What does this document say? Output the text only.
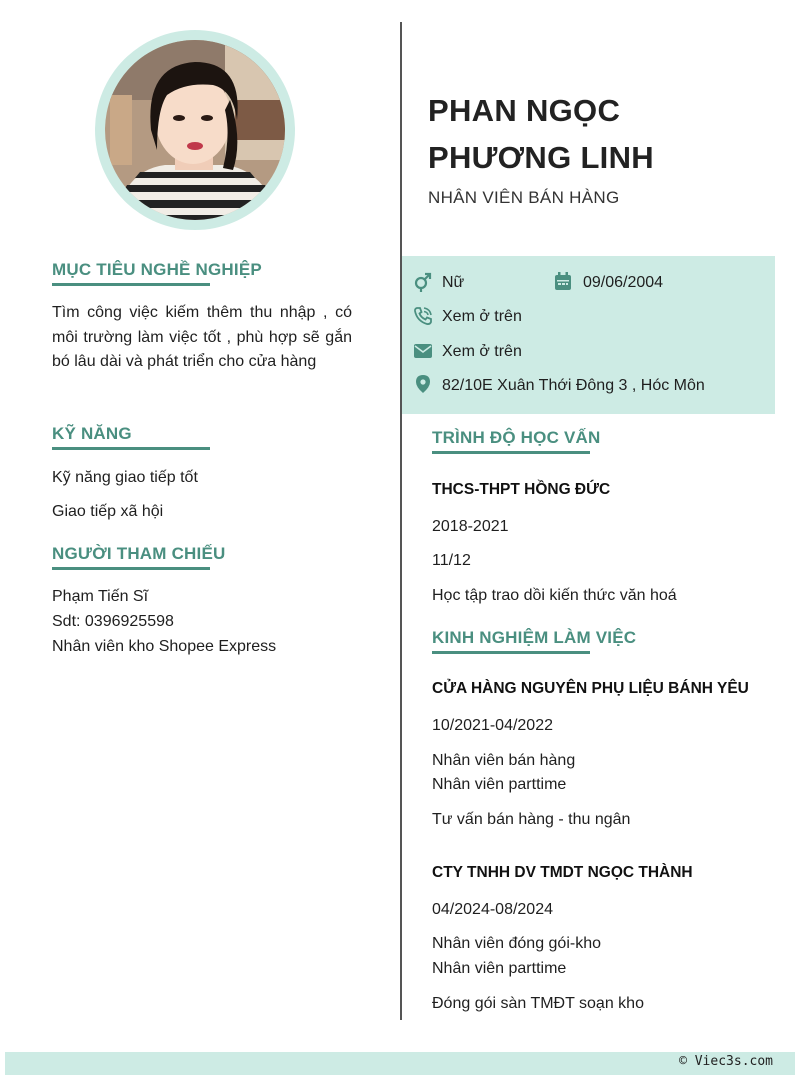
MỤC TIÊU NGHỀ NGHIỆP
Tìm công việc kiếm thêm thu nhập , có môi trường làm việc tốt , phù hợp sẽ gắn bó lâu dài và phát triển cho cửa hàng
KỸ NĂNG
Kỹ năng giao tiếp tốt
Giao tiếp xã hội
NGƯỜI THAM CHIẾU
Phạm Tiến Sĩ
Sdt: 0396925598
Nhân viên kho Shopee Express
PHAN NGỌC PHƯƠNG LINH
NHÂN VIÊN BÁN HÀNG
Nữ	09/06/2004
Xem ở trên
Xem ở trên
82/10E Xuân Thới Đông 3 , Hóc Môn
TRÌNH ĐỘ HỌC VẤN
THCS-THPT HỒNG ĐỨC
2018-2021
11/12
Học tập trao dồi kiến thức văn hoá
KINH NGHIỆM LÀM VIỆC
CỬA HÀNG NGUYÊN PHỤ LIỆU BÁNH YÊU
10/2021-04/2022
Nhân viên bán hàng
Nhân viên parttime
Tư vấn bán hàng - thu ngân
CTY TNHH DV TMDT NGỌC THÀNH
04/2024-08/2024
Nhân viên đóng gói-kho
Nhân viên parttime
Đóng gói sàn TMĐT soạn kho
© Viec3s.com
